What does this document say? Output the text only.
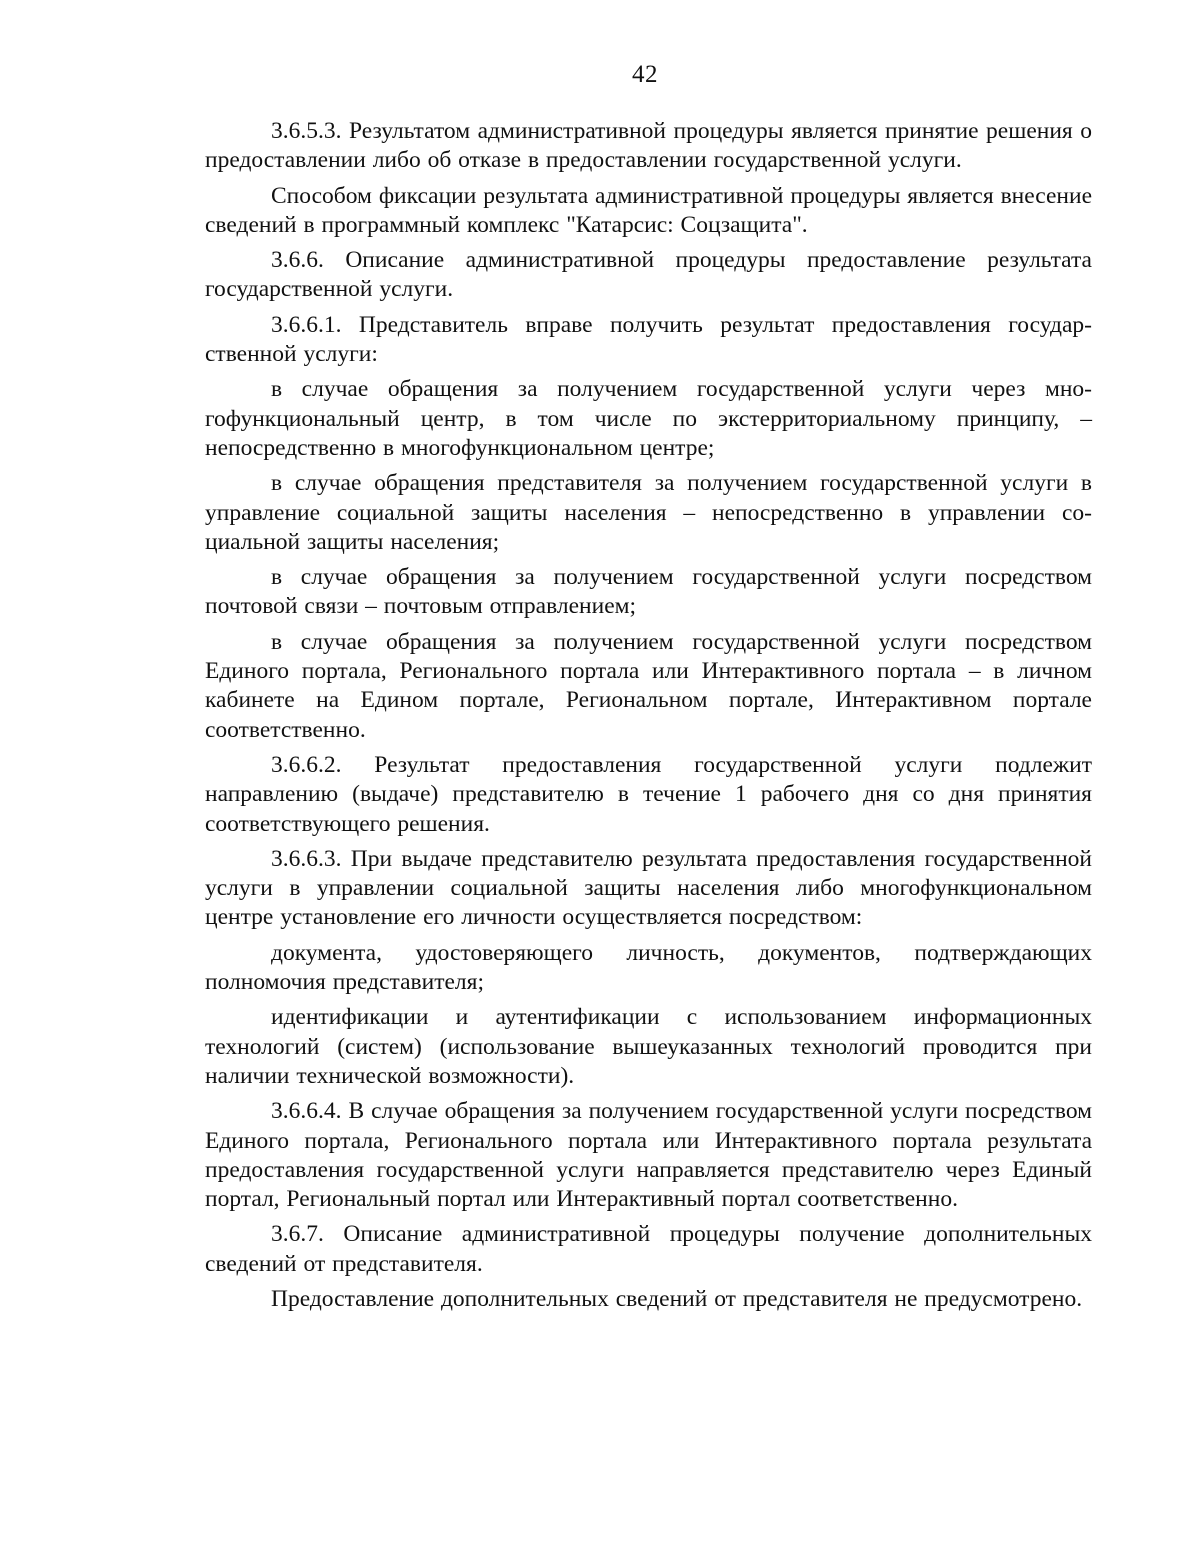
42

3.6.5.3. Результатом административной процедуры является принятие решения о предоставлении либо об отказе в предоставлении государственной услуги.

Способом фиксации результата административной процедуры является внесение сведений в программный комплекс "Катарсис: Соцзащита".

3.6.6. Описание административной процедуры предоставление результата государственной услуги.

3.6.6.1. Представитель вправе получить результат предоставления государственной услуги:

в случае обращения за получением государственной услуги через многофункциональный центр, в том числе по экстерриториальному принципу, – непосредственно в многофункциональном центре;

в случае обращения представителя за получением государственной услуги в управление социальной защиты населения – непосредственно в управлении социальной защиты населения;

в случае обращения за получением государственной услуги посредством почтовой связи – почтовым отправлением;

в случае обращения за получением государственной услуги посредством Единого портала, Регионального портала или Интерактивного портала – в личном кабинете на Едином портале, Региональном портале, Интерактивном портале соответственно.

3.6.6.2. Результат предоставления государственной услуги подлежит направлению (выдаче) представителю в течение 1 рабочего дня со дня принятия соответствующего решения.

3.6.6.3. При выдаче представителю результата предоставления государственной услуги в управлении социальной защиты населения либо многофункциональном центре установление его личности осуществляется посредством:

документа, удостоверяющего личность, документов, подтверждающих полномочия представителя;

идентификации и аутентификации с использованием информационных технологий (систем) (использование вышеуказанных технологий проводится при наличии технической возможности).

3.6.6.4. В случае обращения за получением государственной услуги посредством Единого портала, Регионального портала или Интерактивного портала результата предоставления государственной услуги направляется представителю через Единый портал, Региональный портал или Интерактивный портал соответственно.

3.6.7. Описание административной процедуры получение дополнительных сведений от представителя.

Предоставление дополнительных сведений от представителя не предусмотрено.
